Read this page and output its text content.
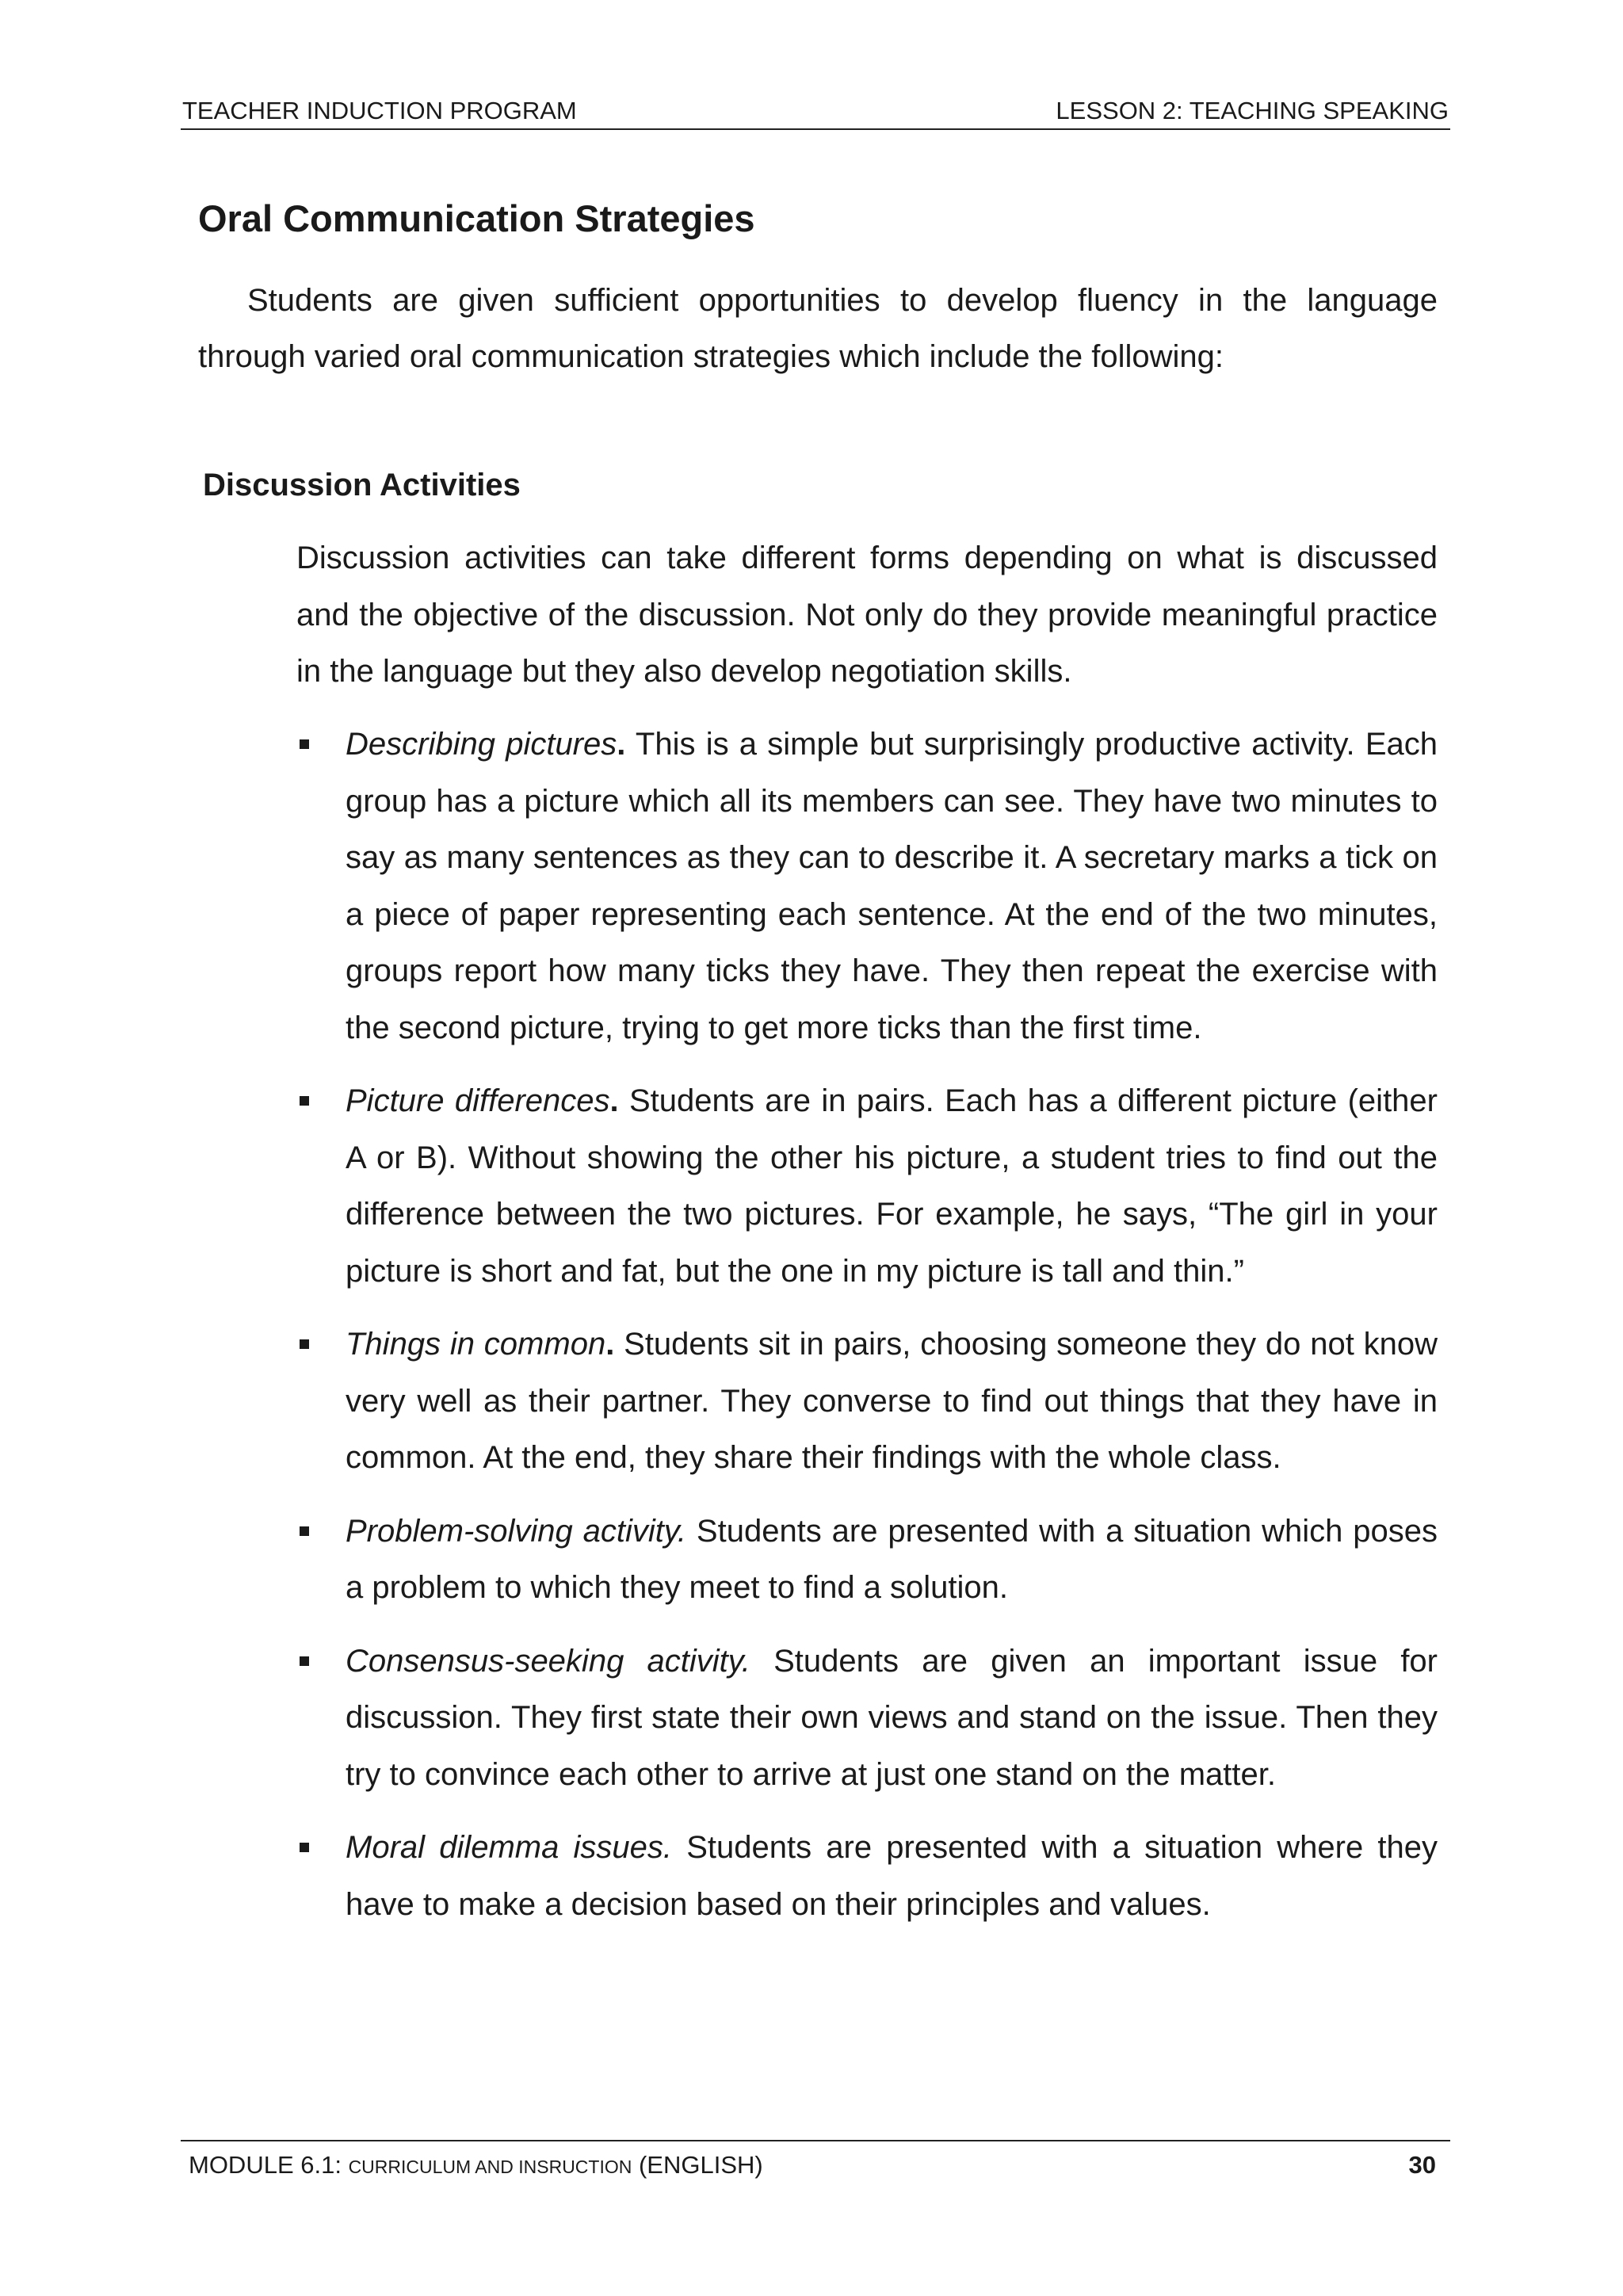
TEACHER INDUCTION PROGRAM	LESSON 2: TEACHING SPEAKING
Oral Communication Strategies

Students are given sufficient opportunities to develop fluency in the language through varied oral communication strategies which include the following:

Discussion Activities

Discussion activities can take different forms depending on what is discussed and the objective of the discussion. Not only do they provide meaningful practice in the language but they also develop negotiation skills.

Describing pictures. This is a simple but surprisingly productive activity. Each group has a picture which all its members can see. They have two minutes to say as many sentences as they can to describe it. A secretary marks a tick on a piece of paper representing each sentence. At the end of the two minutes, groups report how many ticks they have. They then repeat the exercise with the second picture, trying to get more ticks than the first time.
Picture differences. Students are in pairs. Each has a different picture (either A or B). Without showing the other his picture, a student tries to find out the difference between the two pictures. For example, he says, “The girl in your picture is short and fat, but the one in my picture is tall and thin.”
Things in common. Students sit in pairs, choosing someone they do not know very well as their partner. They converse to find out things that they have in common. At the end, they share their findings with the whole class.
Problem-solving activity. Students are presented with a situation which poses a problem to which they meet to find a solution.
Consensus-seeking activity. Students are given an important issue for discussion. They first state their own views and stand on the issue. Then they try to convince each other to arrive at just one stand on the matter.
Moral dilemma issues. Students are presented with a situation where they have to make a decision based on their principles and values.
MODULE 6.1: CURRICULUM AND INSRUCTION (ENGLISH)	30
